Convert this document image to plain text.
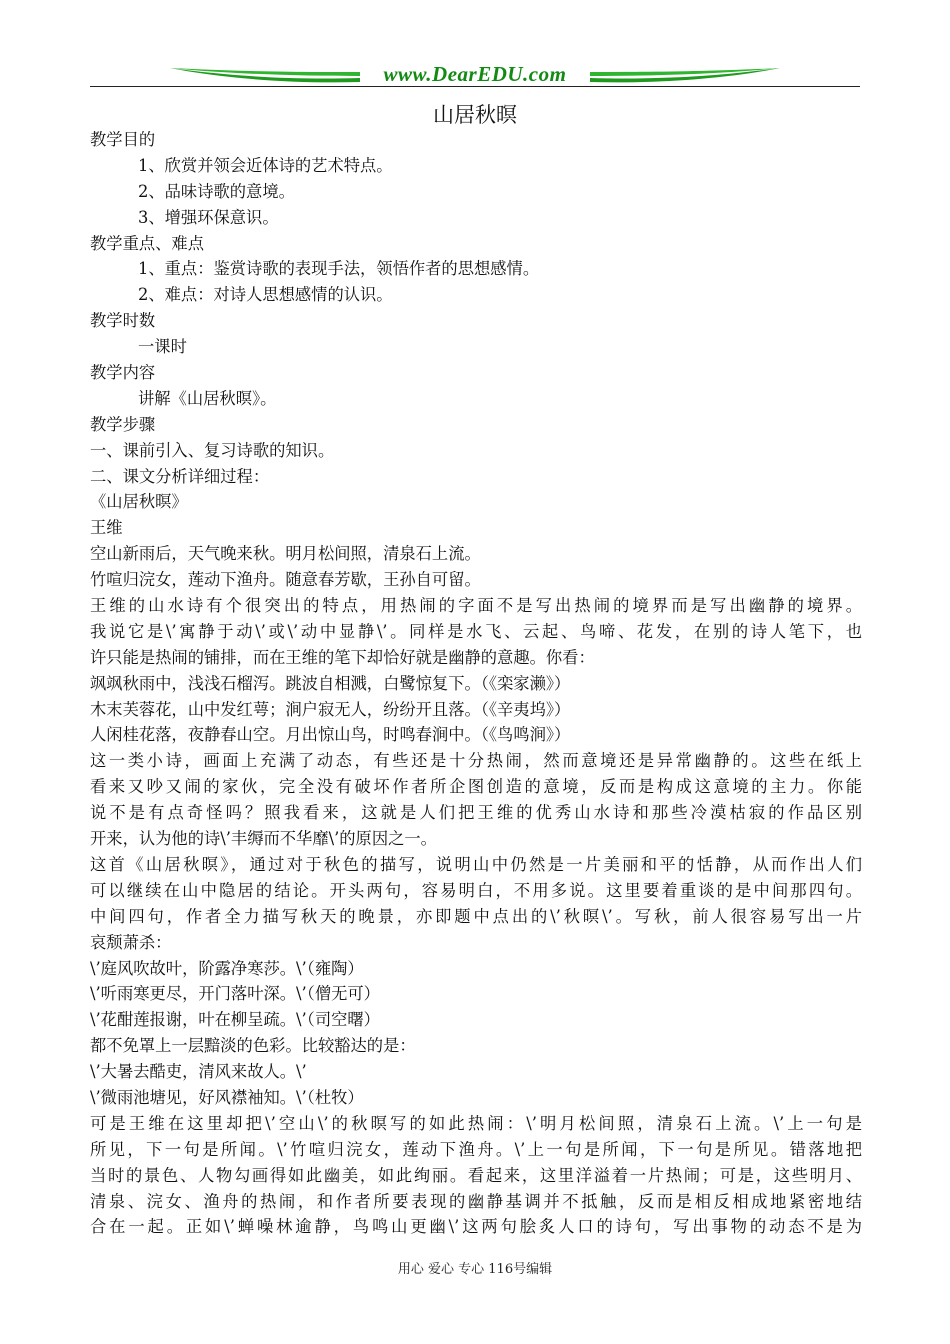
www.DearEDU.com
山居秋暝
教学目的
1、欣赏并领会近体诗的艺术特点。
2、品味诗歌的意境。
3、增强环保意识。
教学重点、难点
1、重点：鉴赏诗歌的表现手法，领悟作者的思想感情。
2、难点：对诗人思想感情的认识。
教学时数
一课时
教学内容
讲解《山居秋暝》。
教学步骤
一、课前引入、复习诗歌的知识。
二、课文分析详细过程：
《山居秋暝》
王维
空山新雨后，天气晚来秋。明月松间照，清泉石上流。
竹喧归浣女，莲动下渔舟。随意春芳歇，王孙自可留。
王维的山水诗有个很突出的特点，用热闹的字面不是写出热闹的境界而是写出幽静的境界。
我说它是\’寓静于动\’或\’动中显静\’。同样是水飞、云起、鸟啼、花发，在别的诗人笔下，也
许只能是热闹的铺排，而在王维的笔下却恰好就是幽静的意趣。你看：
飒飒秋雨中，浅浅石榴泻。跳波自相溅，白鹭惊复下。（《栾家濑》）
木末芙蓉花，山中发红萼；涧户寂无人，纷纷开且落。（《辛夷坞》）
人闲桂花落，夜静春山空。月出惊山鸟，时鸣春涧中。（《鸟鸣涧》）
这一类小诗，画面上充满了动态，有些还是十分热闹，然而意境还是异常幽静的。这些在纸上
看来又吵又闹的家伙，完全没有破坏作者所企图创造的意境，反而是构成这意境的主力。你能
说不是有点奇怪吗？照我看来，这就是人们把王维的优秀山水诗和那些冷漠枯寂的作品区别
开来，认为他的诗\’丰缛而不华靡\’的原因之一。
这首《山居秋暝》，通过对于秋色的描写，说明山中仍然是一片美丽和平的恬静，从而作出人们
可以继续在山中隐居的结论。开头两句，容易明白，不用多说。这里要着重谈的是中间那四句。
中间四句，作者全力描写秋天的晚景，亦即题中点出的\’秋暝\’。写秋，前人很容易写出一片
哀颓萧杀：
\’庭风吹故叶，阶露净寒莎。\’（雍陶）
\’听雨寒更尽，开门落叶深。\’（僧无可）
\’花酣莲报谢，叶在柳呈疏。\’（司空曙）
都不免罩上一层黯淡的色彩。比较豁达的是：
\’大暑去酷吏，清风来故人。\’
\’微雨池塘见，好风襟袖知。\’（杜牧）
可是王维在这里却把\’空山\’的秋暝写的如此热闹：\’明月松间照，清泉石上流。\’上一句是
所见，下一句是所闻。\’竹喧归浣女，莲动下渔舟。\’上一句是所闻，下一句是所见。错落地把
当时的景色、人物勾画得如此幽美，如此绚丽。看起来，这里洋溢着一片热闹；可是，这些明月、
清泉、浣女、渔舟的热闹，和作者所要表现的幽静基调并不抵触，反而是相反相成地紧密地结
合在一起。正如\’蝉噪林逾静，鸟鸣山更幽\’这两句脍炙人口的诗句，写出事物的动态不是为
用心 爱心 专心 116号编辑
